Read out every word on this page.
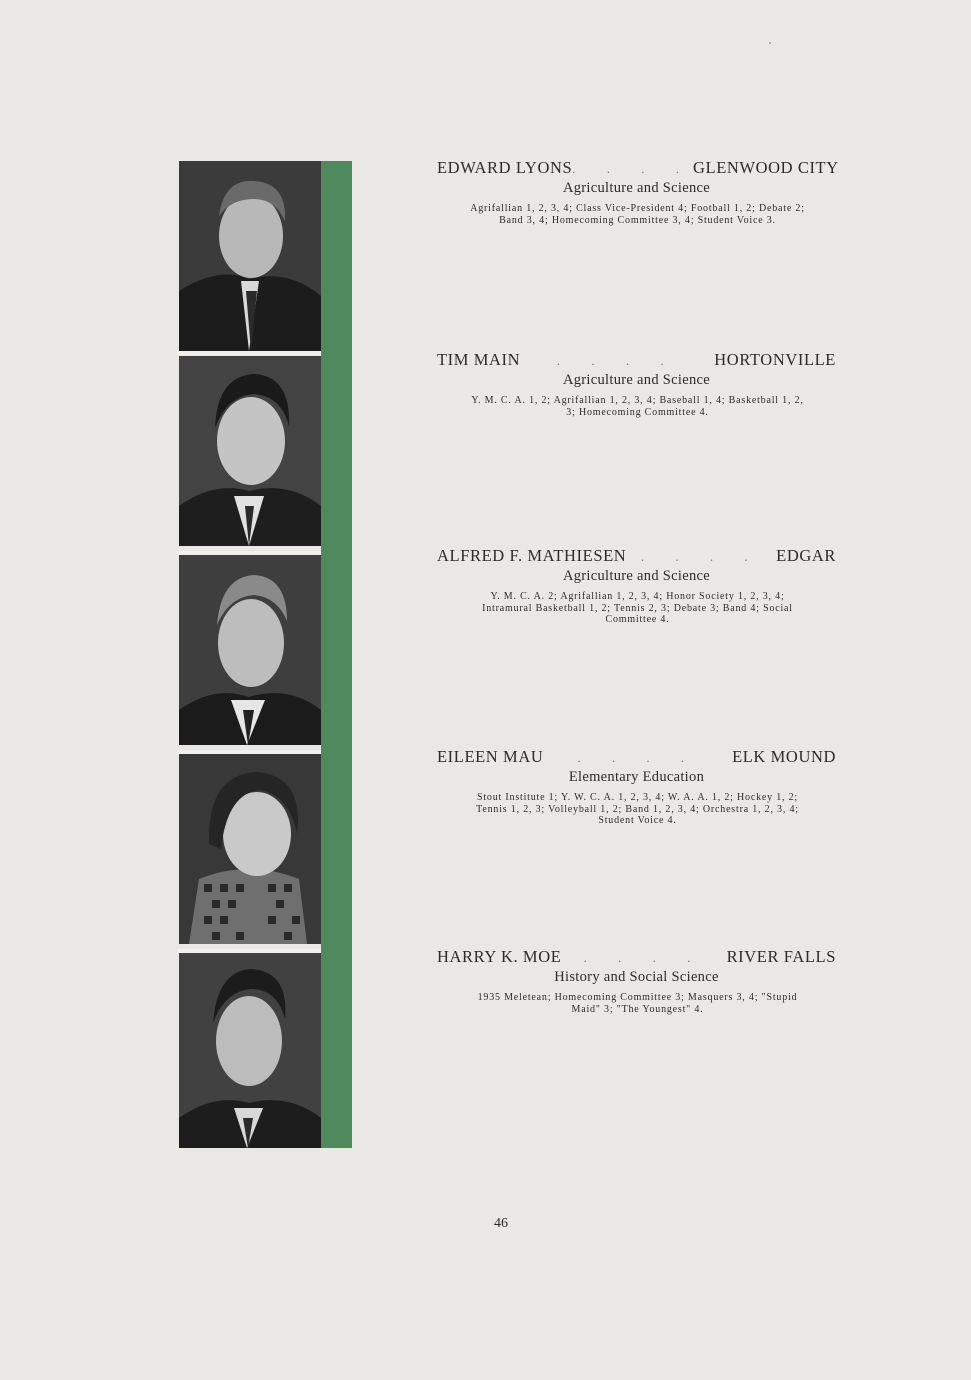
EDWARD LYONS . . . . GLENWOOD CITY
Agriculture and Science
Agrifallian 1, 2, 3, 4; Class Vice-President 4; Football 1, 2; Debate 2; Band 3, 4; Homecoming Committee 3, 4; Student Voice 3.
TIM MAIN	. . . .	HORTONVILLE
Agriculture and Science
Y. M. C. A. 1, 2; Agrifallian 1, 2, 3, 4; Baseball 1, 4; Basketball 1, 2, 3; Homecoming Committee 4.
ALFRED F. MATHIESEN	. . . . EDGAR
Agriculture and Science
Y. M. C. A. 2; Agrifallian 1, 2, 3, 4; Honor Society 1, 2, 3, 4; Intramural Basketball 1, 2; Tennis 2, 3; Debate 3; Band 4; Social Committee 4.
EILEEN MAU	. . . .	ELK MOUND
Elementary Education
Stout Institute 1; Y. W. C. A. 1, 2, 3, 4; W. A. A. 1, 2; Hockey 1, 2; Tennis 1, 2, 3; Volleyball 1, 2; Band 1, 2, 3, 4; Orchestra 1, 2, 3, 4; Student Voice 4.
HARRY K. MOE	. . . .	RIVER FALLS
History and Social Science
1935 Meletean; Homecoming Committee 3; Masquers 3, 4; "Stupid Maid" 3; "The Youngest" 4.
46
